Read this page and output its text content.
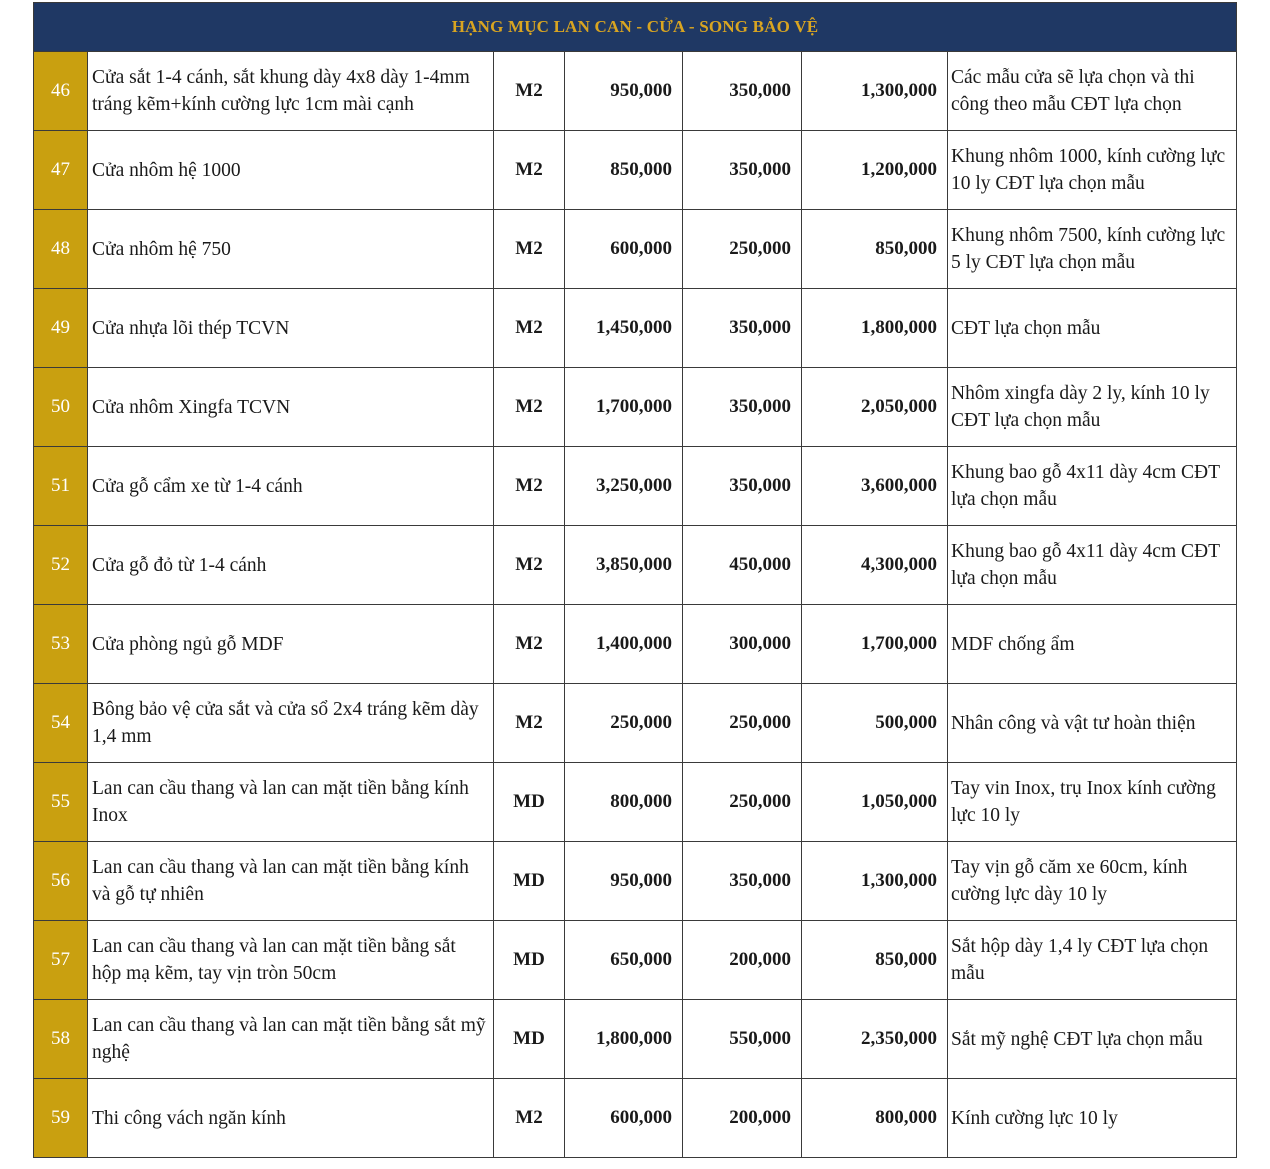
HẠNG MỤC LAN CAN - CỬA - SONG BẢO VỆ						
46	Cửa sắt 1-4 cánh, sắt khung dày 4x8 dày 1-4mm tráng kẽm+kính cường lực 1cm mài cạnh	M2	950,000	350,000	1,300,000	Các mẫu cửa sẽ lựa chọn và thi công theo mẫu CĐT lựa chọn
47	Cửa nhôm hệ 1000	M2	850,000	350,000	1,200,000	Khung nhôm 1000, kính cường lực 10 ly CĐT lựa chọn mẫu
48	Cửa nhôm hệ 750	M2	600,000	250,000	850,000	Khung nhôm 7500, kính cường lực 5 ly CĐT lựa chọn mẫu
49	Cửa nhựa lõi thép TCVN	M2	1,450,000	350,000	1,800,000	CĐT lựa chọn mẫu
50	Cửa nhôm Xingfa TCVN	M2	1,700,000	350,000	2,050,000	Nhôm xingfa dày 2 ly, kính 10 ly CĐT lựa chọn mẫu
51	Cửa gỗ cẩm xe từ 1-4 cánh	M2	3,250,000	350,000	3,600,000	Khung bao gỗ 4x11 dày 4cm CĐT lựa chọn mẫu
52	Cửa gỗ đỏ từ 1-4 cánh	M2	3,850,000	450,000	4,300,000	Khung bao gỗ 4x11 dày 4cm CĐT lựa chọn mẫu
53	Cửa phòng ngủ gỗ MDF	M2	1,400,000	300,000	1,700,000	MDF chống ẩm
54	Bông bảo vệ cửa sắt và cửa sổ 2x4 tráng kẽm dày 1,4 mm	M2	250,000	250,000	500,000	Nhân công và vật tư hoàn thiện
55	Lan can cầu thang và lan can mặt tiền bằng kính Inox	MD	800,000	250,000	1,050,000	Tay vin Inox, trụ Inox kính cường lực 10 ly
56	Lan can cầu thang và lan can mặt tiền bằng kính và gỗ tự nhiên	MD	950,000	350,000	1,300,000	Tay vịn gỗ căm xe 60cm, kính cường lực dày 10 ly
57	Lan can cầu thang và lan can mặt tiền bằng sắt hộp mạ kẽm, tay vịn tròn 50cm	MD	650,000	200,000	850,000	Sắt hộp dày 1,4 ly CĐT lựa chọn mẫu
58	Lan can cầu thang và lan can mặt tiền bằng sắt mỹ nghệ	MD	1,800,000	550,000	2,350,000	Sắt mỹ nghệ CĐT lựa chọn mẫu
59	Thi công vách ngăn kính	M2	600,000	200,000	800,000	Kính cường lực 10 ly
